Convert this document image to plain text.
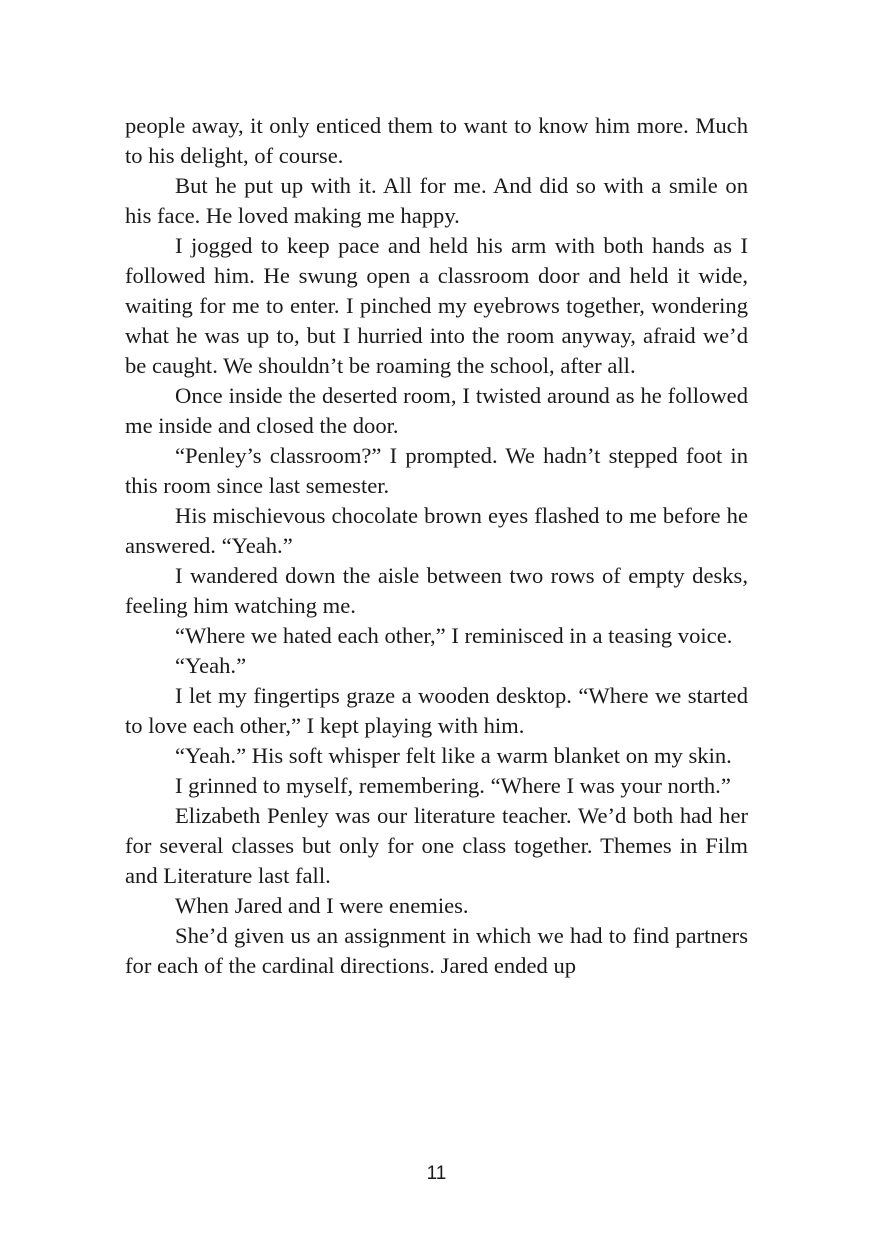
people away, it only enticed them to want to know him more. Much to his delight, of course.

But he put up with it. All for me. And did so with a smile on his face. He loved making me happy.

I jogged to keep pace and held his arm with both hands as I followed him. He swung open a classroom door and held it wide, waiting for me to enter. I pinched my eyebrows together, wondering what he was up to, but I hurried into the room anyway, afraid we’d be caught. We shouldn’t be roaming the school, after all.

Once inside the deserted room, I twisted around as he followed me inside and closed the door.

“Penley’s classroom?” I prompted. We hadn’t stepped foot in this room since last semester.

His mischievous chocolate brown eyes flashed to me before he answered. “Yeah.”

I wandered down the aisle between two rows of empty desks, feeling him watching me.

“Where we hated each other,” I reminisced in a teasing voice.

“Yeah.”

I let my fingertips graze a wooden desktop. “Where we started to love each other,” I kept playing with him.

“Yeah.” His soft whisper felt like a warm blanket on my skin.

I grinned to myself, remembering. “Where I was your north.”

Elizabeth Penley was our literature teacher. We’d both had her for several classes but only for one class together. Themes in Film and Literature last fall.

When Jared and I were enemies.

She’d given us an assignment in which we had to find partners for each of the cardinal directions. Jared ended up

11
